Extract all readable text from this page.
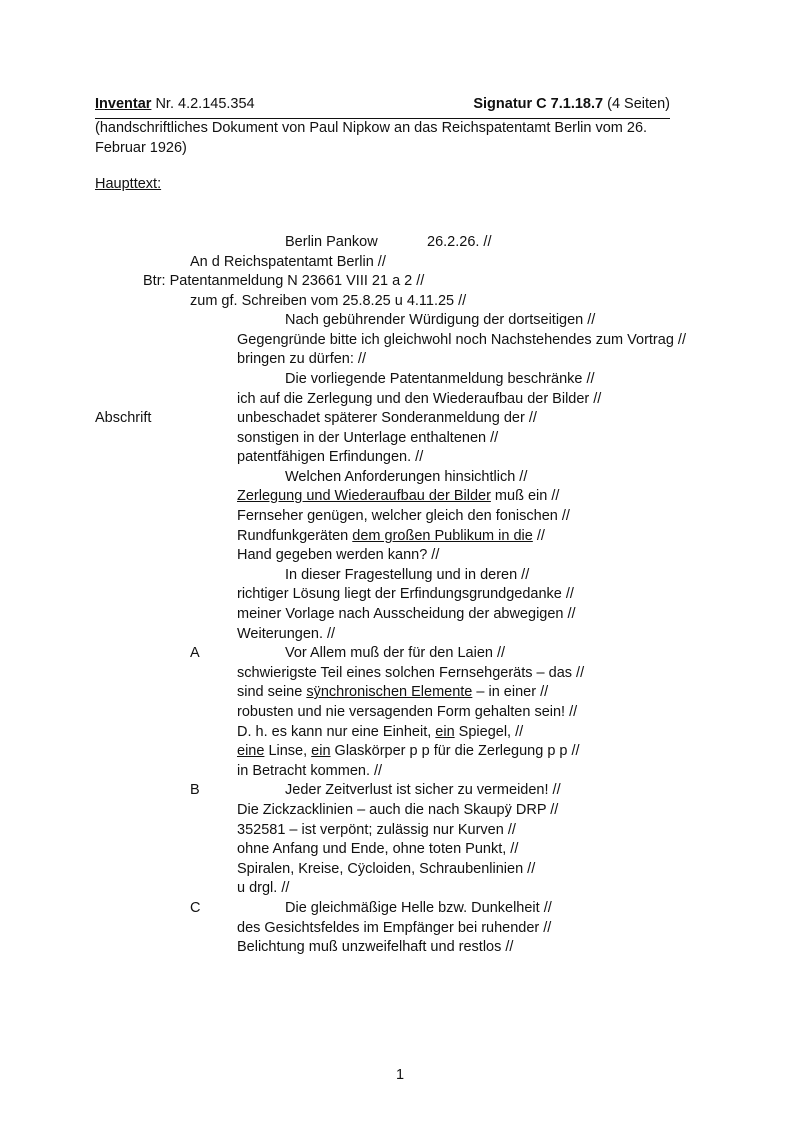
Inventar Nr. 4.2.145.354	Signatur C 7.1.18.7 (4 Seiten)
(handschriftliches Dokument von Paul Nipkow an das Reichspatentamt Berlin vom 26. Februar 1926)
Haupttext:
Berlin Pankow	26.2.26. //
An d Reichspatentamt Berlin //
Btr: Patentanmeldung N 23661 VIII 21 a 2 //
zum gf. Schreiben vom 25.8.25 u 4.11.25 //
Nach gebührender Würdigung der dortseitigen //
Gegengründe bitte ich gleichwohl noch Nachstehendes zum Vortrag //
bringen zu dürfen: //
Die vorliegende Patentanmeldung beschränke //
ich auf die Zerlegung und den Wiederaufbau der Bilder //
Abschrift	unbeschadet späterer Sonderanmeldung der //
sonstigen in der Unterlage enthaltenen //
patentfähigen Erfindungen. //
Welchen Anforderungen hinsichtlich //
Zerlegung und Wiederaufbau der Bilder muß ein //
Fernseher genügen, welcher gleich den fonischen //
Rundfunkgeräten dem großen Publikum in die //
Hand gegeben werden kann? //
In dieser Fragestellung und in deren //
richtiger Lösung liegt der Erfindungsgrundgedanke //
meiner Vorlage nach Ausscheidung der abwegigen //
Weiterungen. //
A	Vor Allem muß der für den Laien //
schwierigste Teil eines solchen Fernsehgeräts – das //
sind seine sÿnchronischen Elemente – in einer //
robusten und nie versagenden Form gehalten sein! //
D. h. es kann nur eine Einheit, ein Spiegel, //
eine Linse, ein Glaskörper p p für die Zerlegung p p //
in Betracht kommen. //
B	Jeder Zeitverlust ist sicher zu vermeiden! //
Die Zickzacklinien – auch die nach Skaupÿ DRP //
352581 – ist verpönt; zulässig nur Kurven //
ohne Anfang und Ende, ohne toten Punkt, //
Spiralen, Kreise, Cÿcloiden, Schraubenlinien //
u drgl. //
C	Die gleichmäßige Helle bzw. Dunkelheit //
des Gesichtsfeldes im Empfänger bei ruhender //
Belichtung muß unzweifelhaft und restlos //
1
